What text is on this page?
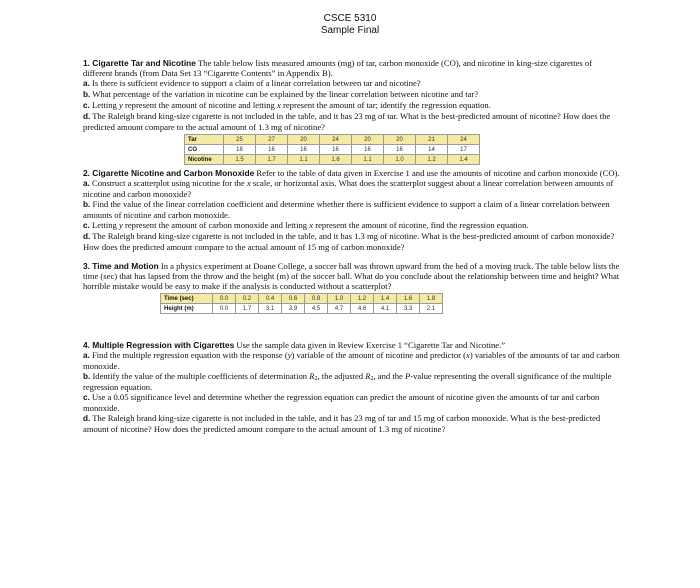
CSCE 5310
Sample Final

1. Cigarette Tar and Nicotine The table below lists measured amounts (mg) of tar, carbon monoxide (CO), and nicotine in king-size cigarettes of different brands (from Data Set 13 “Cigarette Contents” in Appendix B).

a. Is there is suffcient evidence to support a claim of a linear correlation between tar and nicotine?

b. What percentage of the variation in nicotine can be explained by the linear correlation between nicotine and tar?

c. Letting y represent the amount of nicotine and letting x represent the amount of tar; identify the regression equation.

d. The Raleigh brand king-size cigarette is not included in the table, and it has 23 mg of tar. What is the best-predicted amount of nicotine? How does the predicted amount compare to the actual amount of 1.3 mg of nicotine?

Tar	25	27	20	24	20	20	21	24
CO	18	16	16	16	16	16	14	17
Nicotine	1.5	1.7	1.1	1.6	1.1	1.0	1.2	1.4

2. Cigarette Nicotine and Carbon Monoxide Refer to the table of data given in Exercise 1 and use the amounts of nicotine and carbon monoxide (CO).

a. Construct a scatterplot using nicotine for the x scale, or horizontal axis. What does the scatterplot suggest about a linear correlation between amounts of nicotine and carbon monoxide?

b. Find the value of the linear correlation coefficient and determine whether there is sufficient evidence to support a claim of a linear correlation between amounts of nicotine and carbon monoxide.

c. Letting y represent the amount of carbon monoxide and letting x represent the amount of nicotine, find the regression equation.

d. The Raleigh brand king-size cigarette is not included in the table, and it has 1.3 mg of nicotine. What is the best-predicted amount of carbon monoxide? How does the predicted amount compare to the actual amount of 15 mg of carbon monoxide?

3. Time and Motion In a physics experiment at Doane College, a soccer ball was thrown upward from the bed of a moving truck. The table below lists the time (sec) that has lapsed from the throw and the height (m) of the soccer ball. What do you conclude about the relationship between time and height? What horrible mistake would be easy to make if the analysis is conducted without a scatterplot?

Time (sec)	0.0	0.2	0.4	0.6	0.8	1.0	1.2	1.4	1.6	1.8
Height (m)	0.0	1.7	3.1	3.9	4.5	4.7	4.6	4.1	3.3	2.1

4. Multiple Regression with Cigarettes Use the sample data given in Review Exercise 1 “Cigarette Tar and Nicotine.”

a. Find the multiple regression equation with the response (y) variable of the amount of nicotine and predictor (x) variables of the amounts of tar and carbon monoxide.

b. Identify the value of the multiple coefficients of determination $R_2$, the adjusted $R_2$, and the P-value representing the overall significance of the multiple regression equation.

c. Use a 0.05 significance level and determine whether the regression equation can predict the amount of nicotine given the amounts of tar and carbon monoxide.

d. The Raleigh brand king-size cigarette is not included in the table, and it has 23 mg of tar and 15 mg of carbon monoxide. What is the best-predicted amount of nicotine? How does the predicted amount compare to the actual amount of 1.3 mg of nicotine?
